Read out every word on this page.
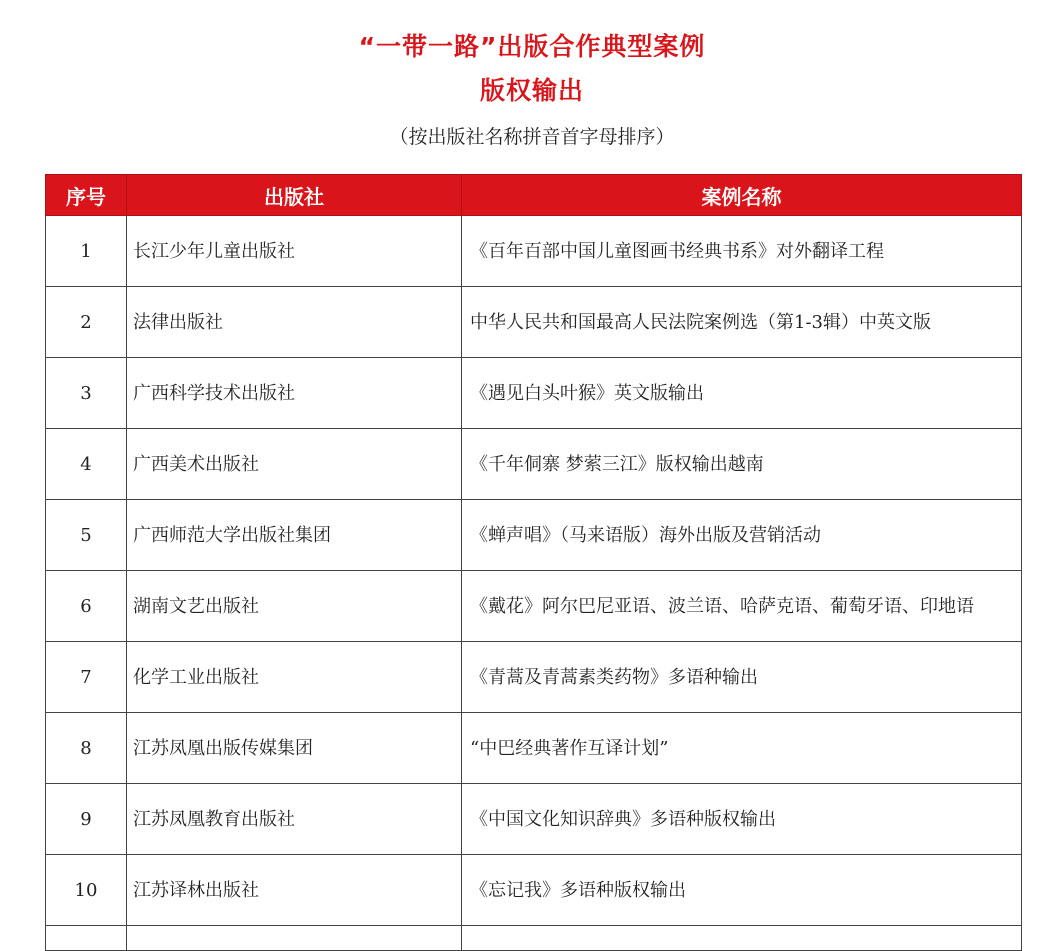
“一带一路”出版合作典型案例
版权输出
（按出版社名称拼音首字母排序）
序号	出版社	案例名称
1	长江少年儿童出版社	《百年百部中国儿童图画书经典书系》对外翻译工程
2	法律出版社	中华人民共和国最高人民法院案例选（第1-3辑）中英文版
3	广西科学技术出版社	《遇见白头叶猴》英文版输出
4	广西美术出版社	《千年侗寨 梦萦三江》版权输出越南
5	广西师范大学出版社集团	《蝉声唱》（马来语版）海外出版及营销活动
6	湖南文艺出版社	《戴花》阿尔巴尼亚语、波兰语、哈萨克语、葡萄牙语、印地语
7	化学工业出版社	《青蒿及青蒿素类药物》多语种输出
8	江苏凤凰出版传媒集团	“中巴经典著作互译计划”
9	江苏凤凰教育出版社	《中国文化知识辞典》多语种版权输出
10	江苏译林出版社	《忘记我》多语种版权输出
